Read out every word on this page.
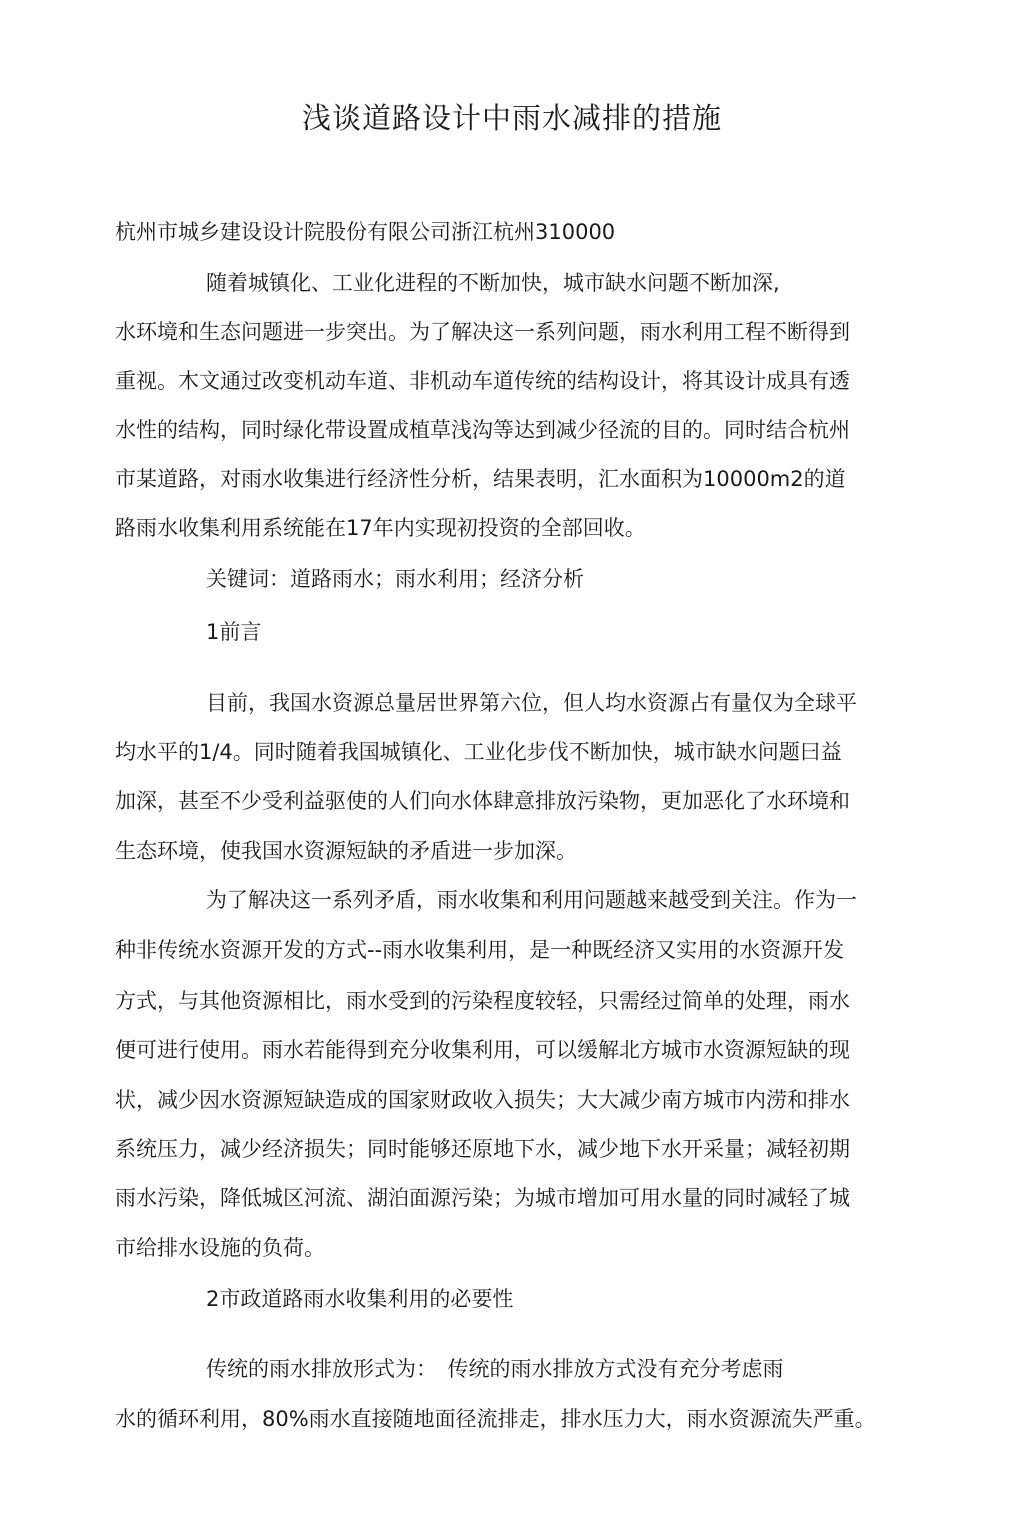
浅谈道路设计中雨水减排的措施
杭州市城乡建设设计院股份有限公司浙江杭州310000
随着城镇化、工业化进程的不断加快，城市缺水问题不断加深,
水环境和生态问题进一步突出。为了解决这一系列问题，雨水利用工程不断得到
重视。木文通过改变机动车道、非机动车道传统的结构设计，将其设计成具有透
水性的结构，同时绿化带设置成植草浅沟等达到减少径流的目的。同时结合杭州
市某道路，对雨水收集进行经济性分析，结果表明，汇水面积为10000m2的道
路雨水收集利用系统能在17年内实现初投资的全部回收。
关键词：道路雨水；雨水利用；经济分析
1前言
目前，我国水资源总量居世界第六位，但人均水资源占有量仅为全球平
均水平的1/4。同时随着我国城镇化、工业化步伐不断加快，城市缺水问题曰益
加深，甚至不少受利益驱使的人们向水体肆意排放污染物，更加恶化了水环境和
生态环境，使我国水资源短缺的矛盾进一步加深。
为了解决这一系列矛盾，雨水收集和利用问题越来越受到关注。作为一
种非传统水资源开发的方式--雨水收集利用，是一种既经济又实用的水资源幵发
方式，与其他资源相比，雨水受到的污染程度较轻，只需经过简单的处理，雨水
便可进行使用。雨水若能得到充分收集利用，可以缓解北方城市水资源短缺的现
状，减少因水资源短缺造成的国家财政收入损失；大大减少南方城市内涝和排水
系统压力，减少经济损失；同时能够还原地下水，减少地下水开采量；减轻初期
雨水污染，降低城区河流、湖泊面源污染；为城市增加可用水量的同时减轻了城
市给排水设施的负荷。
2市政道路雨水收集利用的必要性
传统的雨水排放形式为：　传统的雨水排放方式没有充分考虑雨
水的循环利用，80%雨水直接随地面径流排走，排水压力大，雨水资源流失严重。
